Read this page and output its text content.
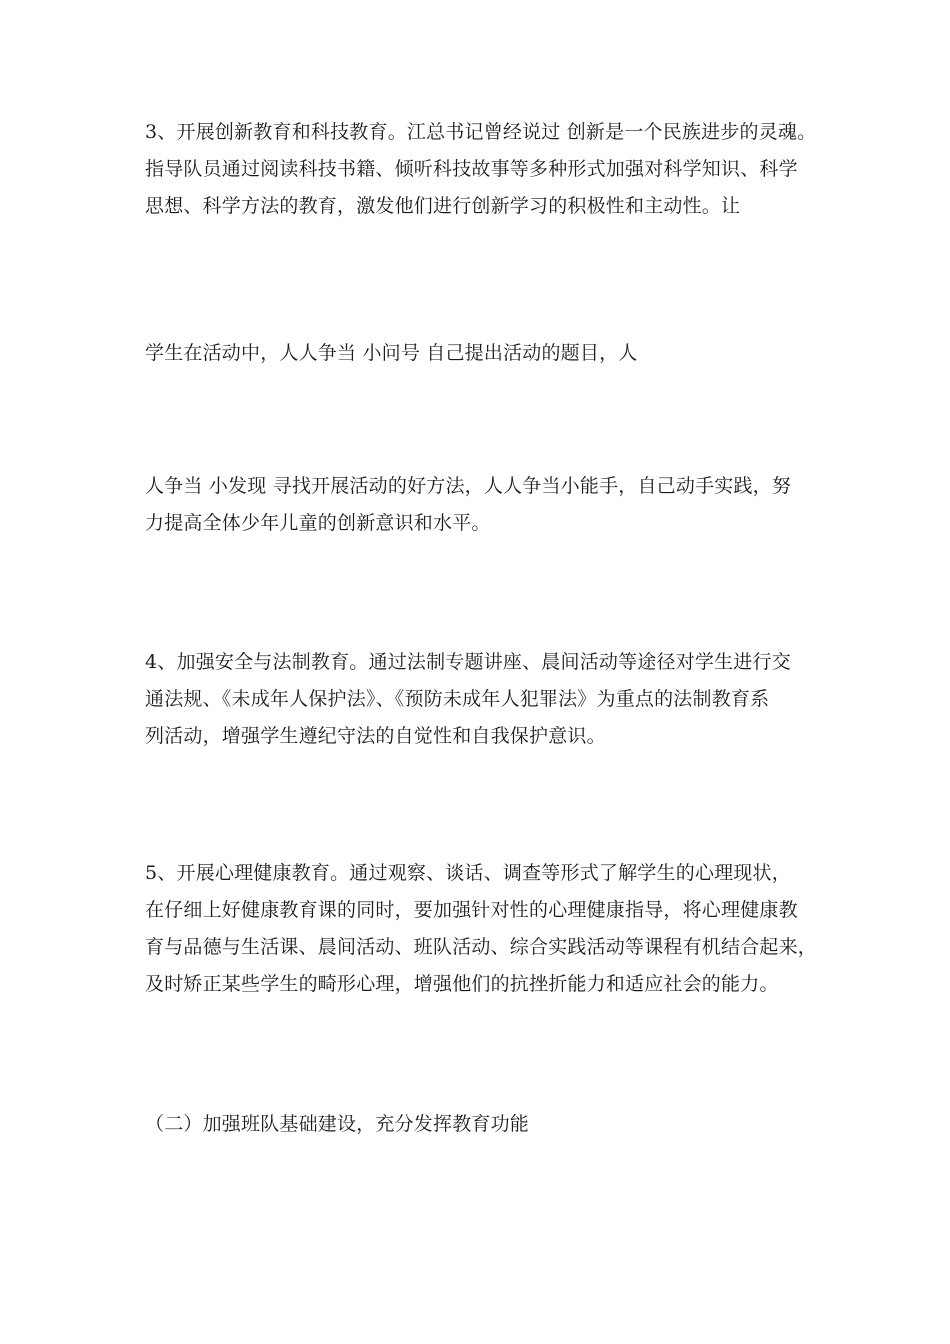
3、开展创新教育和科技教育。江总书记曾经说过 创新是一个民族进步的灵魂。
指导队员通过阅读科技书籍、倾听科技故事等多种形式加强对科学知识、科学
思想、科学方法的教育，激发他们进行创新学习的积极性和主动性。让

学生在活动中，人人争当 小问号 自己提出活动的题目，人

人争当 小发现 寻找开展活动的好方法，人人争当小能手，自己动手实践，努
力提高全体少年儿童的创新意识和水平。

4、加强安全与法制教育。通过法制专题讲座、晨间活动等途径对学生进行交
通法规、《未成年人保护法》、《预防未成年人犯罪法》为重点的法制教育系
列活动，增强学生遵纪守法的自觉性和自我保护意识。

5、开展心理健康教育。通过观察、谈话、调查等形式了解学生的心理现状，
在仔细上好健康教育课的同时，要加强针对性的心理健康指导，将心理健康教
育与品德与生活课、晨间活动、班队活动、综合实践活动等课程有机结合起来，
及时矫正某些学生的畸形心理，增强他们的抗挫折能力和适应社会的能力。

（二）加强班队基础建设，充分发挥教育功能
